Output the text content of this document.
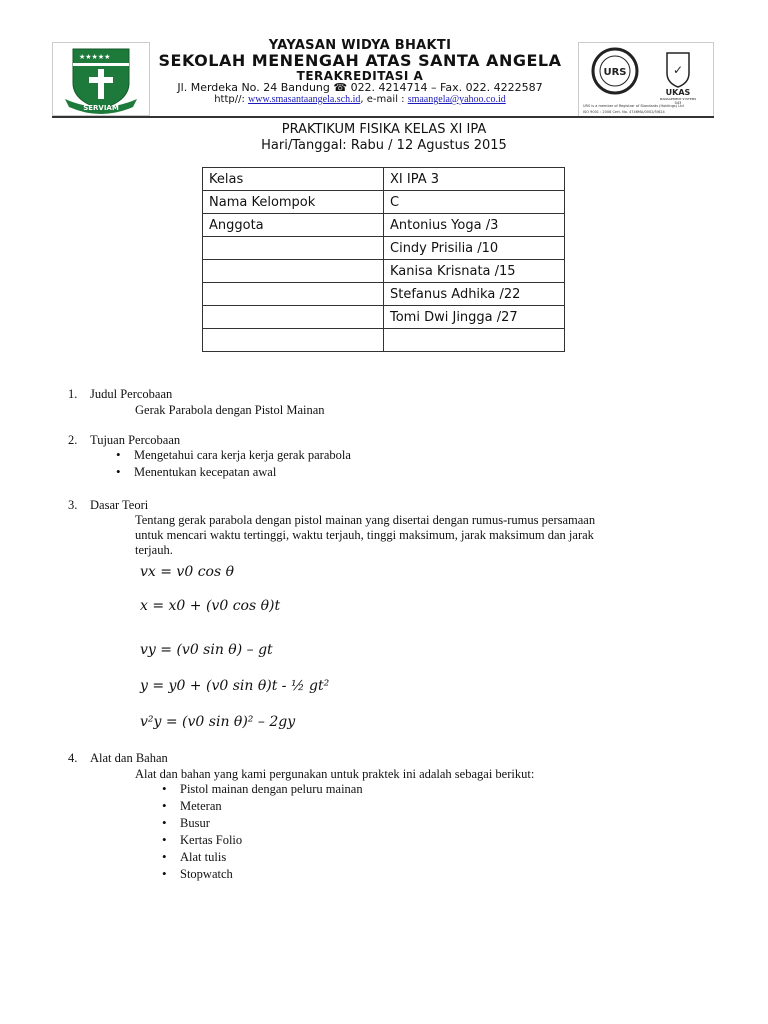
★★★★★
SERVIAM
YAYASAN WIDYA BHAKTI
SEKOLAH MENENGAH ATAS SANTA ANGELA
TERAKREDITASI A
Jl. Merdeka No. 24 Bandung ☎ 022. 4214714 – Fax. 022. 4222587
http//: www.smasantaangela.sch.id, e-mail : smaangela@yahoo.co.id
URS	✓
UKAS
MANAGEMENT SYSTEMS
043
URS is a member of Registrar of Standards (Holdings) Ltd
ISO 9001 : 2008 Cert. No. 4746MA/0002/5/624
PRAKTIKUM FISIKA KELAS XI IPA
Hari/Tanggal: Rabu / 12 Agustus 2015
Kelas	XI IPA 3
Nama Kelompok	C
Anggota	Antonius Yoga /3
	Cindy Prisilia /10
	Kanisa Krisnata /15
	Stefanus Adhika /22
	Tomi Dwi Jingga /27

1. Judul Percobaan
Gerak Parabola dengan Pistol Mainan
2. Tujuan Percobaan
• Mengetahui cara kerja kerja gerak parabola
• Menentukan kecepatan awal
3. Dasar Teori
Tentang gerak parabola dengan pistol mainan yang disertai dengan rumus-rumus persamaan
untuk mencari waktu tertinggi, waktu terjauh, tinggi maksimum, jarak maksimum dan jarak
terjauh.
vx = v0 cos θ
x = x0 + (v0 cos θ)t
vy = (v0 sin θ) – gt
y = y0 + (v0 sin θ)t - ½ gt²
v²y = (v0 sin θ)² – 2gy
4. Alat dan Bahan
Alat dan bahan yang kami pergunakan untuk praktek ini adalah sebagai berikut:
• Pistol mainan dengan peluru mainan
• Meteran
• Busur
• Kertas Folio
• Alat tulis
• Stopwatch
